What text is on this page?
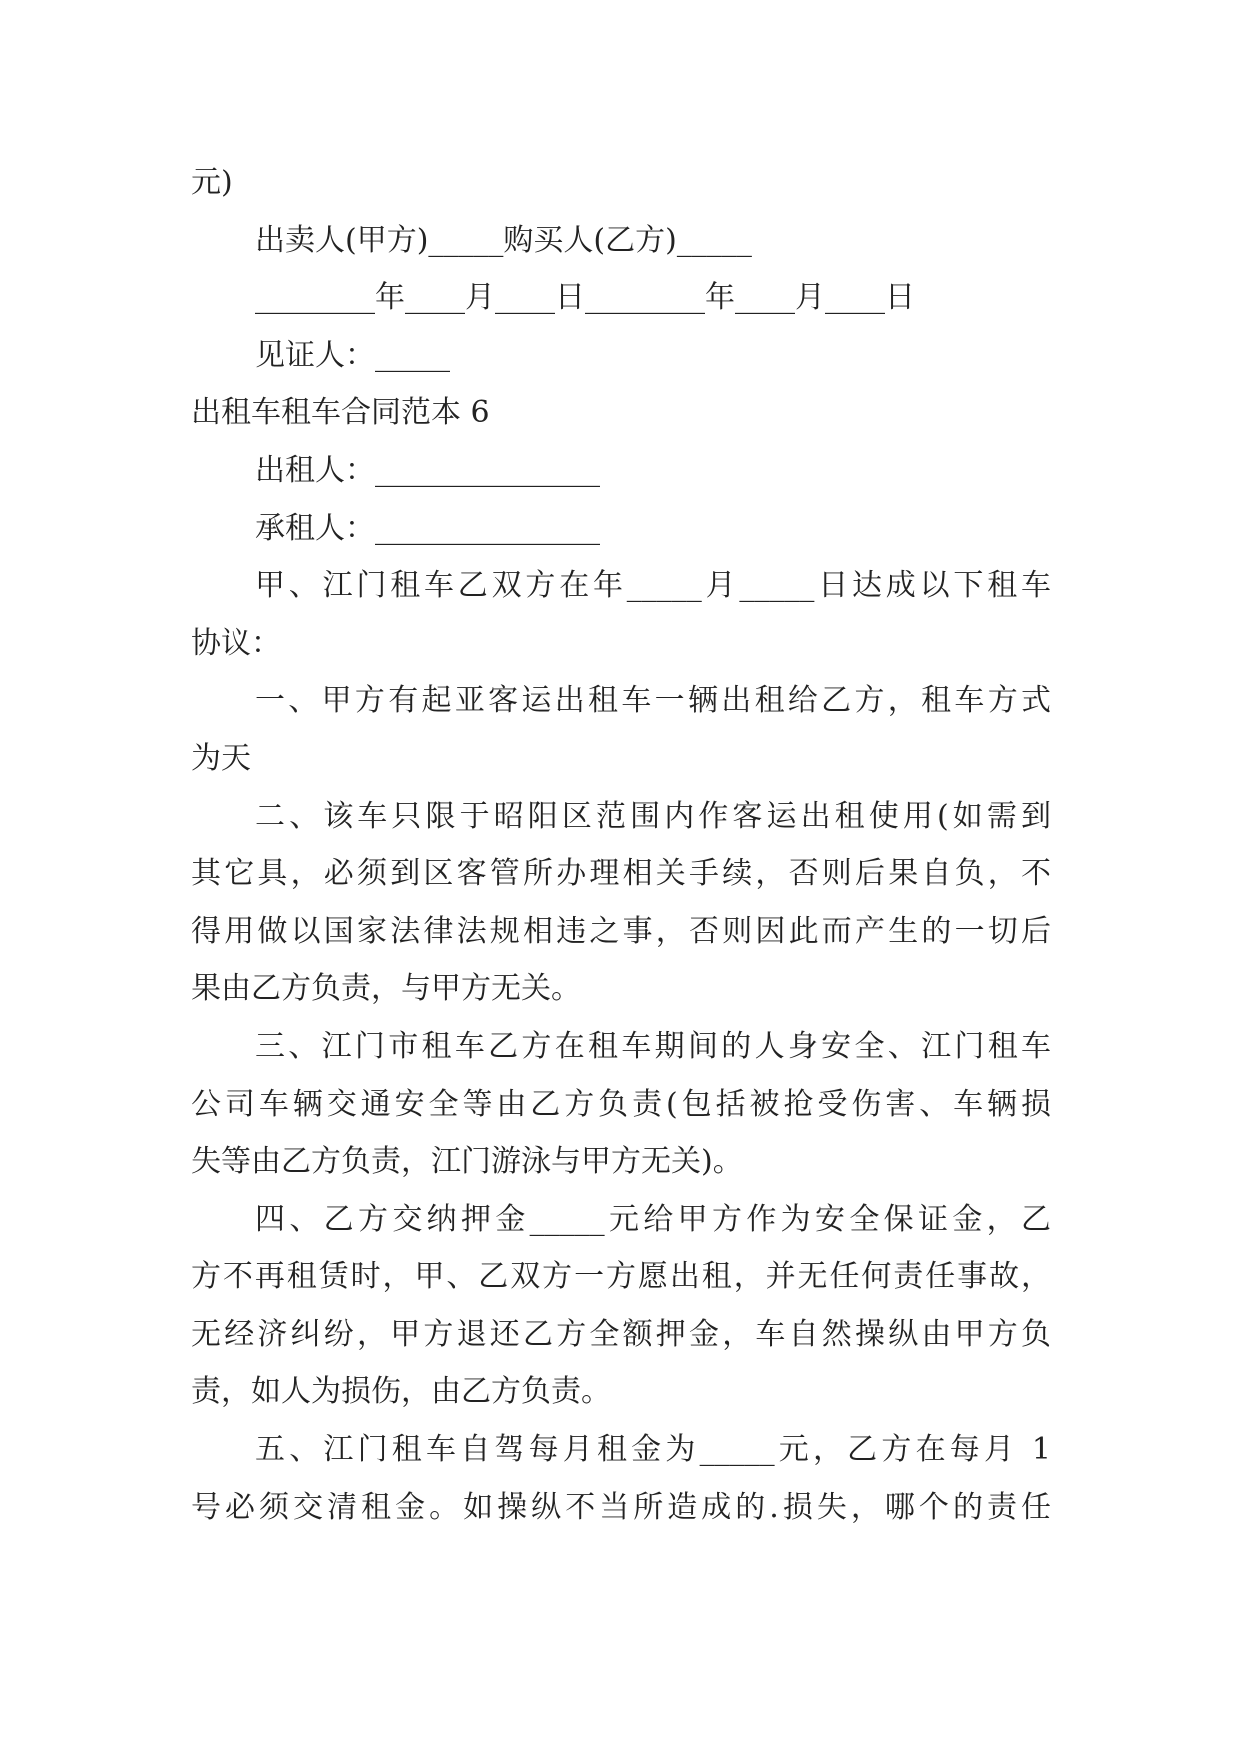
元)
出卖人(甲方)_____购买人(乙方)_____
________年____月____日________年____月____日
见证人：_____
出租车租车合同范本 6
出租人：_______________
承租人：_______________
甲、江门租车乙双方在年_____月_____日达成以下租车
协议：
一、甲方有起亚客运出租车一辆出租给乙方，租车方式
为天
二、该车只限于昭阳区范围内作客运出租使用(如需到
其它具，必须到区客管所办理相关手续，否则后果自负，不
得用做以国家法律法规相违之事，否则因此而产生的一切后
果由乙方负责，与甲方无关。
三、江门市租车乙方在租车期间的人身安全、江门租车
公司车辆交通安全等由乙方负责(包括被抢受伤害、车辆损
失等由乙方负责，江门游泳与甲方无关)。
四、乙方交纳押金_____元给甲方作为安全保证金，乙
方不再租赁时，甲、乙双方一方愿出租，并无任何责任事故，
无经济纠纷，甲方退还乙方全额押金，车自然操纵由甲方负
责，如人为损伤，由乙方负责。
五、江门租车自驾每月租金为_____元，乙方在每月 1
号必须交清租金。如操纵不当所造成的.损失，哪个的责任
